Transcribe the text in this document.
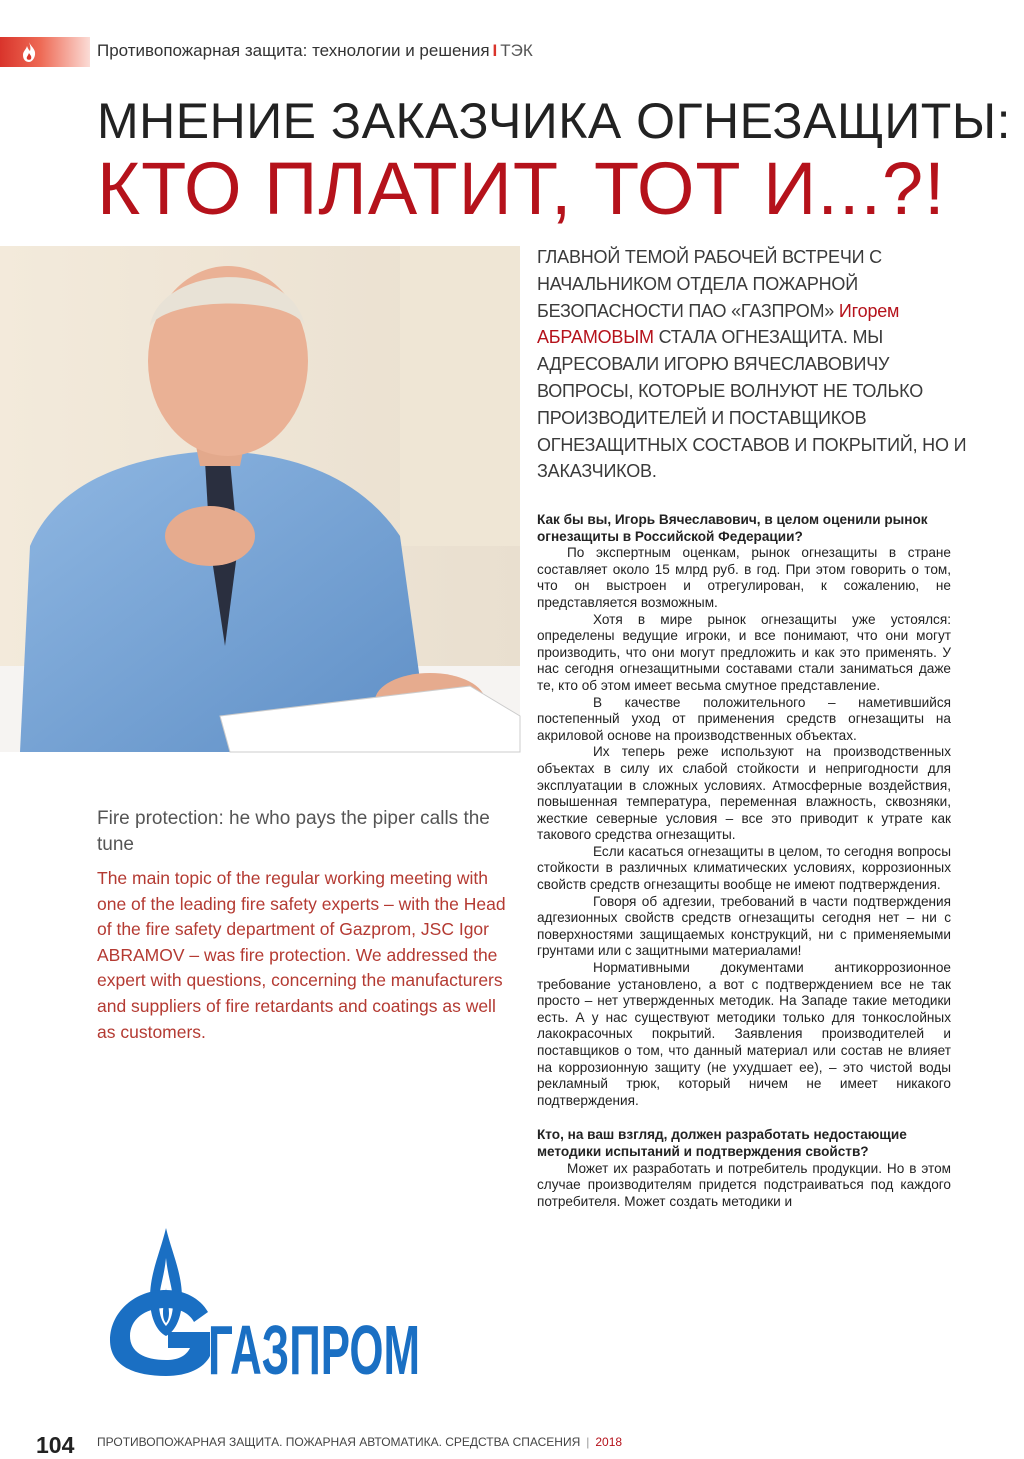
Противопожарная защита: технологии и решения I ТЭК
МНЕНИЕ ЗАКАЗЧИКА ОГНЕЗАЩИТЫ:
КТО ПЛАТИТ, ТОТ И...?!
ГЛАВНОЙ ТЕМОЙ РАБОЧЕЙ ВСТРЕЧИ С НАЧАЛЬНИКОМ ОТДЕЛА ПОЖАРНОЙ БЕЗОПАСНОСТИ ПАО «ГАЗПРОМ» Игорем АБРАМОВЫМ СТАЛА ОГНЕЗАЩИТА. МЫ АДРЕСОВАЛИ ИГОРЮ ВЯЧЕСЛАВОВИЧУ ВОПРОСЫ, КОТОРЫЕ ВОЛНУЮТ НЕ ТОЛЬКО ПРОИЗВОДИТЕЛЕЙ И ПОСТАВЩИКОВ ОГНЕЗАЩИТНЫХ СОСТАВОВ И ПОКРЫТИЙ, НО И ЗАКАЗЧИКОВ.
Fire protection: he who pays the piper calls the tune
The main topic of the regular working meeting with one of the leading fire safety experts – with the Head of the fire safety department of Gazprom, JSC Igor ABRAMOV – was fire protection. We addressed the expert with questions, concerning the manufacturers and suppliers of fire retardants and coatings as well as customers.
ГАЗПРОМ

Как бы вы, Игорь Вячеславович, в целом оценили рынок огнезащиты в Российской Федерации?

По экспертным оценкам, рынок огнезащиты в стране составляет около 15 млрд руб. в год. При этом говорить о том, что он выстроен и отрегулирован, к сожалению, не представляется возможным.

Хотя в мире рынок огнезащиты уже устоялся: определены ведущие игроки, и все понимают, что они могут производить, что они могут предложить и как это применять. У нас сегодня огнезащитными составами стали заниматься даже те, кто об этом имеет весьма смутное представление.

В качестве положительного – наметившийся постепенный уход от применения средств огнезащиты на акриловой основе на производственных объектах.

Их теперь реже используют на производственных объектах в силу их слабой стойкости и непригодности для эксплуатации в сложных условиях. Атмосферные воздействия, повышенная температура, переменная влажность, сквозняки, жесткие северные условия – все это приводит к утрате как такового средства огнезащиты.

Если касаться огнезащиты в целом, то сегодня вопросы стойкости в различных климатических условиях, коррозионных свойств средств огнезащиты вообще не имеют подтверждения.

Говоря об адгезии, требований в части подтверждения адгезионных свойств средств огнезащиты сегодня нет – ни с поверхностями защищаемых конструкций, ни с применяемыми грунтами или с защитными материалами!

Нормативными документами антикоррозионное требование установлено, а вот с подтверждением все не так просто – нет утвержденных методик. На Западе такие методики есть. А у нас существуют методики только для тонкослойных лакокрасочных покрытий. Заявления производителей и поставщиков о том, что данный материал или состав не влияет на коррозионную защиту (не ухудшает ее), – это чистой воды рекламный трюк, который ничем не имеет никакого подтверждения.

Кто, на ваш взгляд, должен разработать недостающие методики испытаний и подтверждения свойств?

Может их разработать и потребитель продукции. Но в этом случае производителям придется подстраиваться под каждого потребителя. Может создать методики и

104 ПРОТИВОПОЖАРНАЯ ЗАЩИТА. ПОЖАРНАЯ АВТОМАТИКА. СРЕДСТВА СПАСЕНИЯ | 2018
